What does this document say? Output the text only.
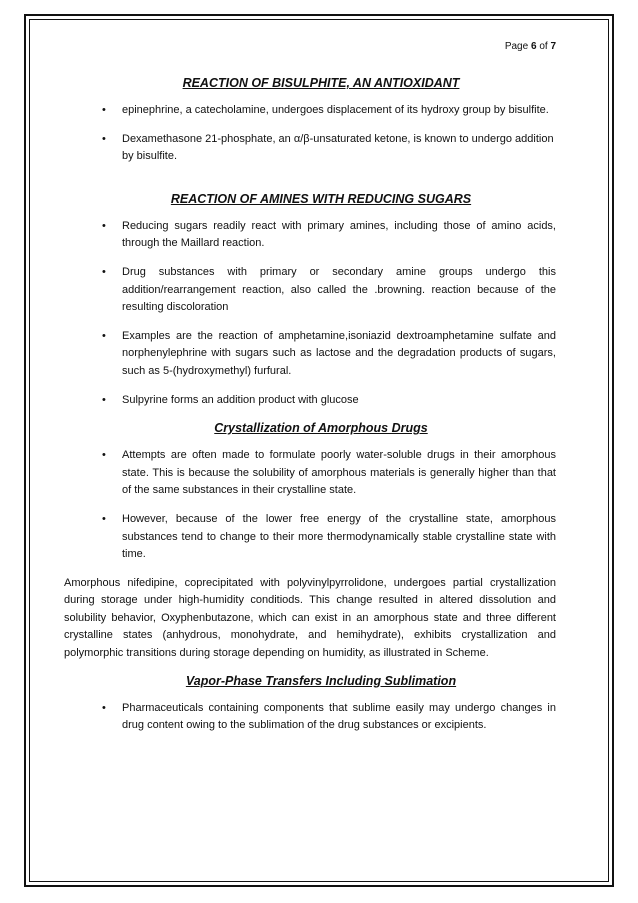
Page 6 of 7
REACTION OF BISULPHITE, AN ANTIOXIDANT
• epinephrine, a catecholamine, undergoes displacement of its hydroxy group by bisulfite.
• Dexamethasone 21-phosphate, an α/β-unsaturated ketone, is known to undergo addition by bisulfite.
REACTION OF AMINES WITH REDUCING SUGARS
• Reducing sugars readily react with primary amines, including those of amino acids, through the Maillard reaction.
• Drug substances with primary or secondary amine groups undergo this addition/rearrangement reaction, also called the .browning. reaction because of the resulting discoloration
• Examples are the reaction of amphetamine,isoniazid dextroamphetamine sulfate and norphenylephrine with sugars such as lactose and the degradation products of sugars, such as 5-(hydroxymethyl) furfural.
• Sulpyrine forms an addition product with glucose
Crystallization of Amorphous Drugs
• Attempts are often made to formulate poorly water-soluble drugs in their amorphous state. This is because the solubility of amorphous materials is generally higher than that of the same substances in their crystalline state.
• However, because of the lower free energy of the crystalline state, amorphous substances tend to change to their more thermodynamically stable crystalline state with time.
Amorphous nifedipine, coprecipitated with polyvinylpyrrolidone, undergoes partial crystallization during storage under high-humidity conditiods. This change resulted in altered dissolution and solubility behavior, Oxyphenbutazone, which can exist in an amorphous state and three different crystalline states (anhydrous, monohydrate, and hemihydrate), exhibits crystallization and polymorphic transitions during storage depending on humidity, as illustrated in Scheme.
Vapor-Phase Transfers Including Sublimation
• Pharmaceuticals containing components that sublime easily may undergo changes in drug content owing to the sublimation of the drug substances or excipients.
